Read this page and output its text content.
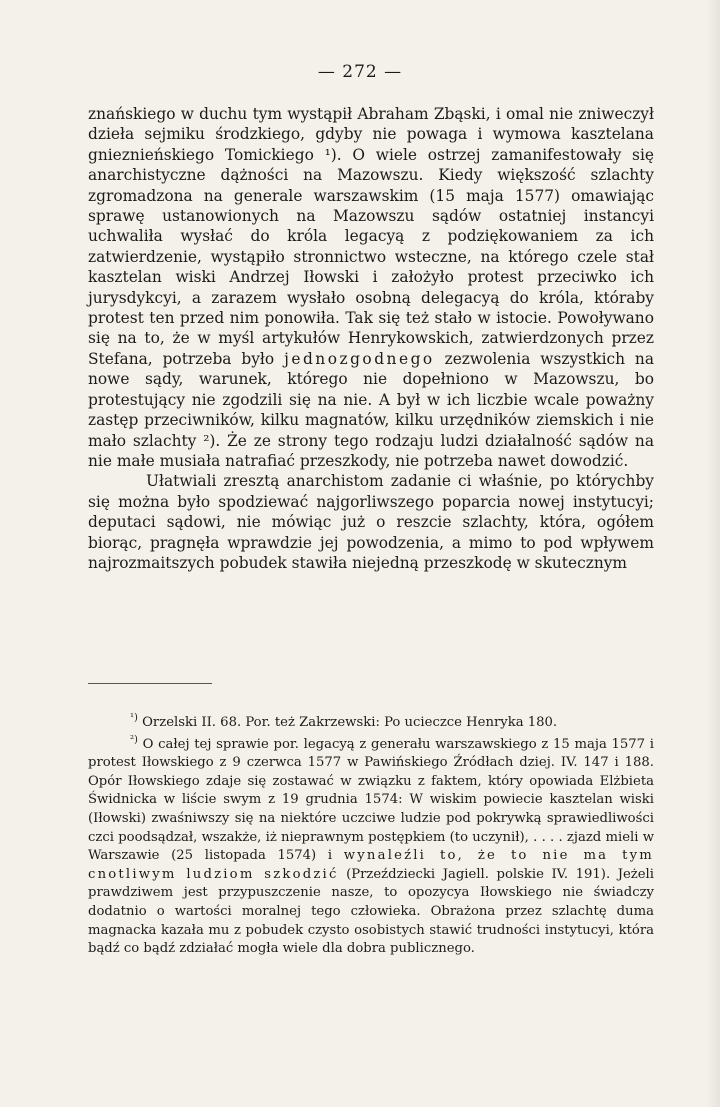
— 272 —

znańskiego w duchu tym wystąpił Abraham Zbąski, i omal nie zniweczył dzieła sejmiku środzkiego, gdyby nie powaga i wymowa kasztelana gnieznieńskiego Tomickiego ¹). O wiele ostrzej zamanifestowały się anarchistyczne dążności na Mazowszu. Kiedy większość szlachty zgromadzona na generale warszawskim (15 maja 1577) omawiając sprawę ustanowionych na Mazowszu sądów ostatniej instancyi uchwaliła wysłać do króla legacyą z podziękowaniem za ich zatwierdzenie, wystąpiło stronnictwo wsteczne, na którego czele stał kasztelan wiski Andrzej Iłowski i założyło protest przeciwko ich jurysdykcyi, a zarazem wysłało osobną delegacyą do króla, któraby protest ten przed nim ponowiła. Tak się też stało w istocie. Powoływano się na to, że w myśl artykułów Henrykowskich, zatwierdzonych przez Stefana, potrzeba było jednozgodnego zezwolenia wszystkich na nowe sądy, warunek, którego nie dopełniono w Mazowszu, bo protestujący nie zgodzili się na nie. A był w ich liczbie wcale poważny zastęp przeciwników, kilku magnatów, kilku urzędników ziemskich i nie mało szlachty ²). Że ze strony tego rodzaju ludzi działalność sądów na nie małe musiała natrafiać przeszkody, nie potrzeba nawet dowodzić.

Ułatwiali zresztą anarchistom zadanie ci właśnie, po którychby się można było spodziewać najgorliwszego poparcia nowej instytucyi; deputaci sądowi, nie mówiąc już o reszcie szlachty, która, ogółem biorąc, pragnęła wprawdzie jej powodzenia, a mimo to pod wpływem najrozmaitszych pobudek stawiła niejedną przeszkodę w skutecznym

$^{^1)}$ Orzelski II. 68. Por. też Zakrzewski: Po ucieczce Henryka 180.

$^{^2)}$ O całej tej sprawie por. legacyą z generału warszawskiego z 15 maja 1577 i protest Iłowskiego z 9 czerwca 1577 w Pawińskiego Źródłach dziej. IV. 147 i 188. Opór Iłowskiego zdaje się zostawać w związku z faktem, który opowiada Elżbieta Świdnicka w liście swym z 19 grudnia 1574: W wiskim powiecie kasztelan wiski (Iłowski) zwaśniwszy się na niektóre uczciwe ludzie pod pokrywką sprawiedliwości czci poodsądzał, wszakże, iż nieprawnym postępkiem (to uczynił), . . . . zjazd mieli w Warszawie (25 listopada 1574) i wynaleźli to, że to nie ma tym cnotliwym ludziom szkodzić (Przeździecki Jagiell. polskie IV. 191). Jeżeli prawdziwem jest przypuszczenie nasze, to opozycya Iłowskiego nie świadczy dodatnio o wartości moralnej tego człowieka. Obrażona przez szlachtę duma magnacka kazała mu z pobudek czysto osobistych stawić trudności instytucyi, która bądź co bądź zdziałać mogła wiele dla dobra publicznego.
